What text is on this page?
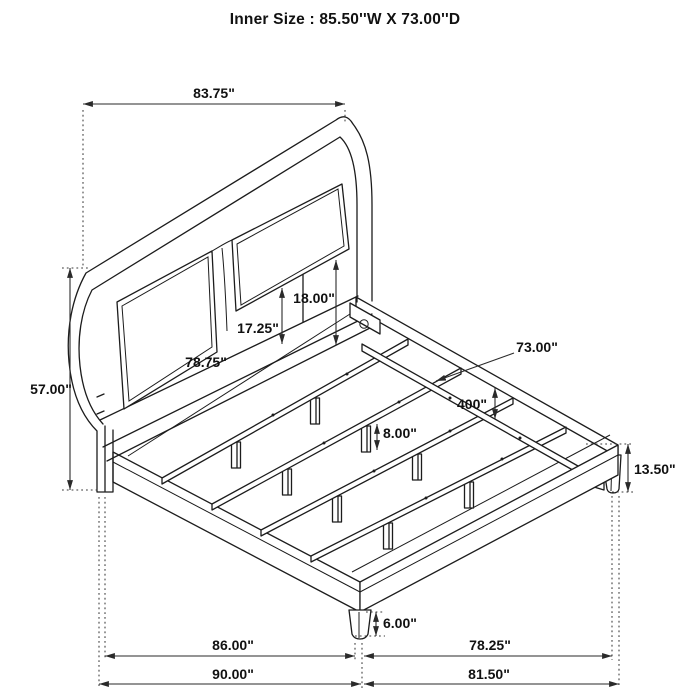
Inner Size : 85.50''W X 73.00''D
83.75"
57.00"
18.00"
17.25"
78.75"
73.00"
400"
8.00"
13.50"
6.00"
86.00"	78.25"
90.00"	81.50"
